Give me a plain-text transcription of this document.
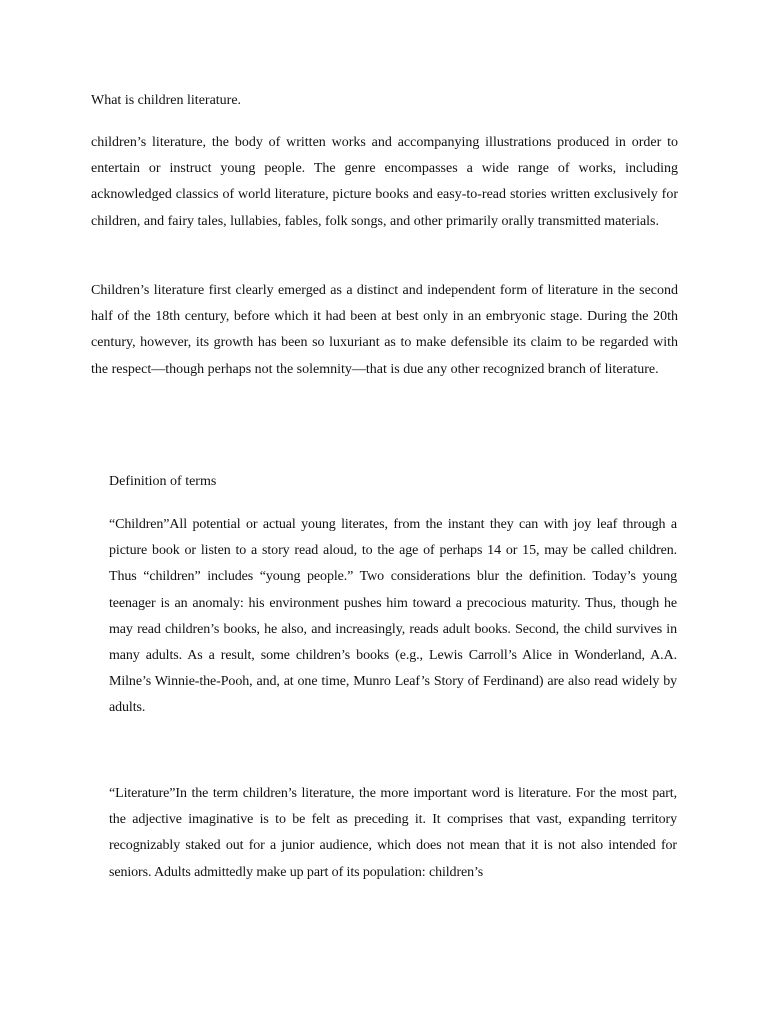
What is children literature.

children’s literature, the body of written works and accompanying illustrations produced in order to entertain or instruct young people. The genre encompasses a wide range of works, including acknowledged classics of world literature, picture books and easy-to-read stories written exclusively for children, and fairy tales, lullabies, fables, folk songs, and other primarily orally transmitted materials.

Children’s literature first clearly emerged as a distinct and independent form of literature in the second half of the 18th century, before which it had been at best only in an embryonic stage. During the 20th century, however, its growth has been so luxuriant as to make defensible its claim to be regarded with the respect—though perhaps not the solemnity—that is due any other recognized branch of literature.

Definition of terms

“Children”All potential or actual young literates, from the instant they can with joy leaf through a picture book or listen to a story read aloud, to the age of perhaps 14 or 15, may be called children. Thus “children” includes “young people.” Two considerations blur the definition. Today’s young teenager is an anomaly: his environment pushes him toward a precocious maturity. Thus, though he may read children’s books, he also, and increasingly, reads adult books. Second, the child survives in many adults. As a result, some children’s books (e.g., Lewis Carroll’s Alice in Wonderland, A.A. Milne’s Winnie-the-Pooh, and, at one time, Munro Leaf’s Story of Ferdinand) are also read widely by adults.

“Literature”In the term children’s literature, the more important word is literature. For the most part, the adjective imaginative is to be felt as preceding it. It comprises that vast, expanding territory recognizably staked out for a junior audience, which does not mean that it is not also intended for seniors. Adults admittedly make up part of its population: children’s
